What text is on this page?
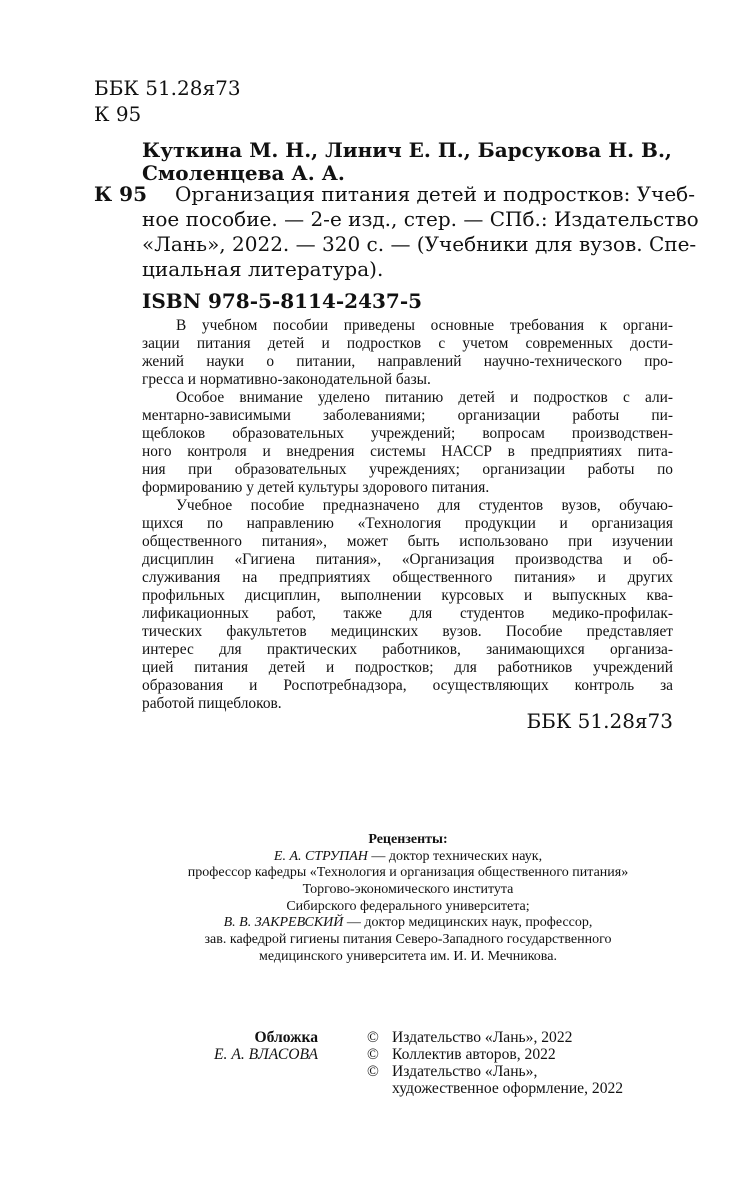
ББК 51.28я73
К 95
Куткина М. Н., Линич Е. П., Барсукова Н. В.,
Смоленцева А. А.
К 95 Организация питания детей и подростков: Учеб-
ное пособие. — 2-е изд., стер. — СПб.: Издательство
«Лань», 2022. — 320 с. — (Учебники для вузов. Спе-
циальная литература).
ISBN 978-5-8114-2437-5
В учебном пособии приведены основные требования к органи-
зации питания детей и подростков с учетом современных дости-
жений науки о питании, направлений научно-технического про-
гресса и нормативно-законодательной базы.
Особое внимание уделено питанию детей и подростков с али-
ментарно-зависимыми заболеваниями; организации работы пи-
щеблоков образовательных учреждений; вопросам производствен-
ного контроля и внедрения системы НАССР в предприятиях пита-
ния при образовательных учреждениях; организации работы по
формированию у детей культуры здорового питания.
Учебное пособие предназначено для студентов вузов, обучаю-
щихся по направлению «Технология продукции и организация
общественного питания», может быть использовано при изучении
дисциплин «Гигиена питания», «Организация производства и об-
служивания на предприятиях общественного питания» и других
профильных дисциплин, выполнении курсовых и выпускных ква-
лификационных работ, также для студентов медико-профилак-
тических факультетов медицинских вузов. Пособие представляет
интерес для практических работников, занимающихся организа-
цией питания детей и подростков; для работников учреждений
образования и Роспотребнадзора, осуществляющих контроль за
работой пищеблоков.
ББК 51.28я73
Рецензенты:
Е. А. СТРУПАН — доктор технических наук,
профессор кафедры «Технология и организация общественного питания»
Торгово-экономического института
Сибирского федерального университета;
В. В. ЗАКРЕВСКИЙ — доктор медицинских наук, профессор,
зав. кафедрой гигиены питания Северо-Западного государственного
медицинского университета им. И. И. Мечникова.
Обложка
Е. А. ВЛАСОВА
© Издательство «Лань», 2022
© Коллектив авторов, 2022
© Издательство «Лань»,
художественное оформление, 2022
